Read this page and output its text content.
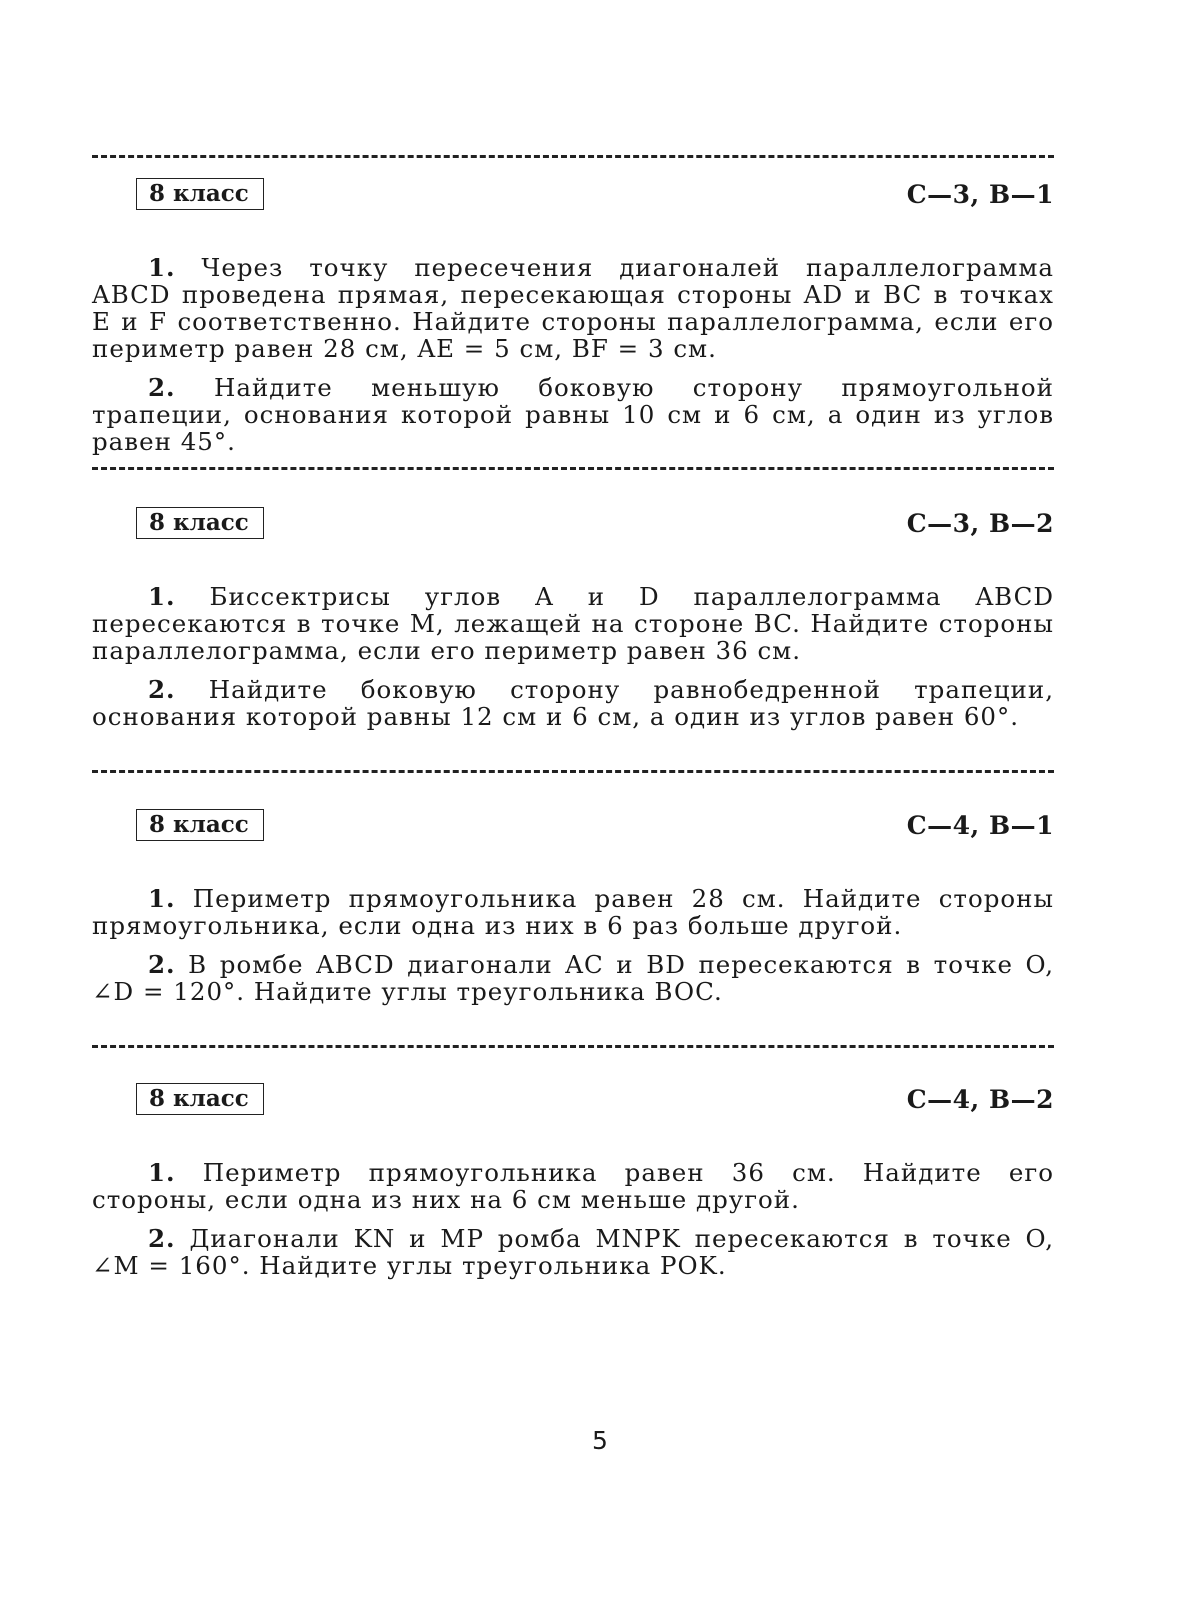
8 класс	С—3, В—1

1. Через точку пересечения диагоналей параллелограмма ABCD проведена прямая, пересекающая стороны AD и BC в точках E и F соответственно. Найдите стороны параллелограмма, если его периметр равен 28 см, AE = 5 см, BF = 3 см.

2. Найдите меньшую боковую сторону прямоугольной трапеции, основания которой равны 10 см и 6 см, а один из углов равен 45°.

8 класс	С—3, В—2

1. Биссектрисы углов A и D параллелограмма ABCD пересекаются в точке M, лежащей на стороне BC. Найдите стороны параллелограмма, если его периметр равен 36 см.

2. Найдите боковую сторону равнобедренной трапеции, основания которой равны 12 см и 6 см, а один из углов равен 60°.

8 класс	С—4, В—1

1. Периметр прямоугольника равен 28 см. Найдите стороны прямоугольника, если одна из них в 6 раз больше другой.

2. В ромбе ABCD диагонали AC и BD пересекаются в точке O, ∠D = 120°. Найдите углы треугольника BOC.

8 класс	С—4, В—2

1. Периметр прямоугольника равен 36 см. Найдите его стороны, если одна из них на 6 см меньше другой.

2. Диагонали KN и MP ромба MNPK пересекаются в точке O, ∠M = 160°. Найдите углы треугольника POK.

5
